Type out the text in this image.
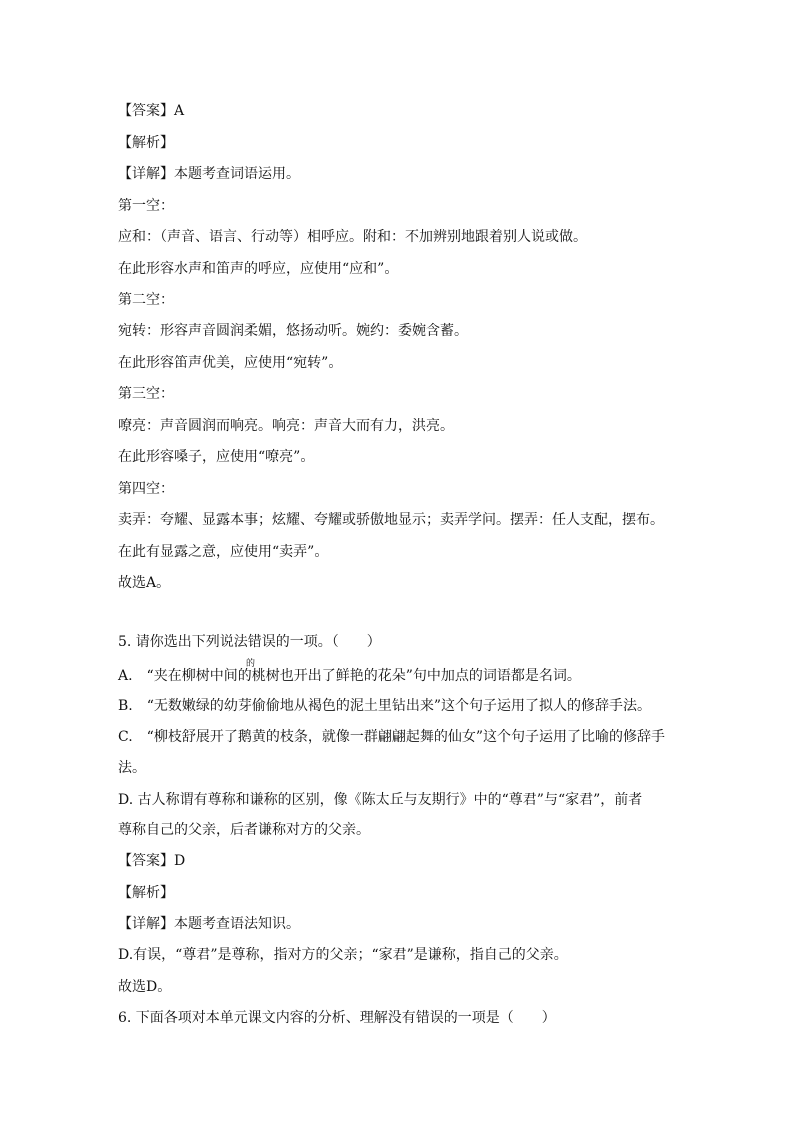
【答案】A
【解析】
【详解】本题考查词语运用。
第一空：
应和：（声音、语言、行动等）相呼应。附和：不加辨别地跟着别人说或做。
在此形容水声和笛声的呼应，应使用“应和”。
第二空：
宛转：形容声音圆润柔媚，悠扬动听。婉约：委婉含蓄。
在此形容笛声优美，应使用“宛转”。
第三空：
嘹亮：声音圆润而响亮。响亮：声音大而有力，洪亮。
在此形容嗓子，应使用“嘹亮”。
第四空：
卖弄：夸耀、显露本事；炫耀、夸耀或骄傲地显示；卖弄学问。摆弄：任人支配，摆布。
在此有显露之意，应使用“卖弄”。
故选A。
5. 请你选出下列说法错误的一项。（　　）
的
A.　“夹在柳树中间的桃树也开出了鲜艳的花朵”句中加点的词语都是名词。
B.　“无数嫩绿的幼芽偷偷地从褐色的泥土里钻出来”这个句子运用了拟人的修辞手法。
C.　“柳枝舒展开了鹅黄的枝条，就像一群翩翩起舞的仙女”这个句子运用了比喻的修辞手
法。
D. 古人称谓有尊称和谦称的区别，像《陈太丘与友期行》中的“尊君”与“家君”，前者
尊称自己的父亲，后者谦称对方的父亲。
【答案】D
【解析】
【详解】本题考查语法知识。
D.有误，“尊君”是尊称，指对方的父亲；“家君”是谦称，指自己的父亲。
故选D。
6. 下面各项对本单元课文内容的分析、理解没有错误的一项是（　　）
